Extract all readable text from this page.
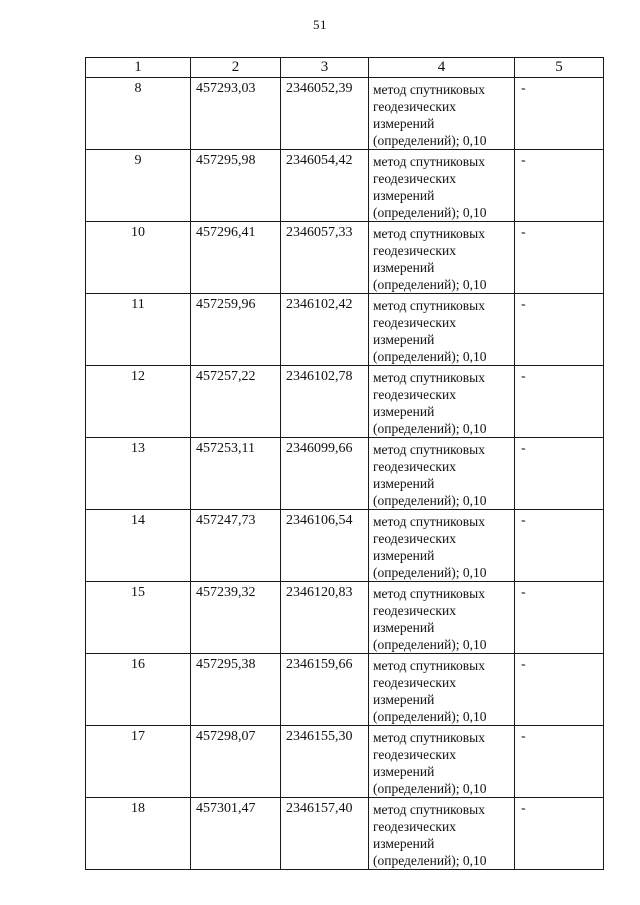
51
1	2	3	4	5
8	457293,03	2346052,39	метод спутниковых
геодезических
измерений
(определений); 0,10	-
9	457295,98	2346054,42	метод спутниковых
геодезических
измерений
(определений); 0,10	-
10	457296,41	2346057,33	метод спутниковых
геодезических
измерений
(определений); 0,10	-
11	457259,96	2346102,42	метод спутниковых
геодезических
измерений
(определений); 0,10	-
12	457257,22	2346102,78	метод спутниковых
геодезических
измерений
(определений); 0,10	-
13	457253,11	2346099,66	метод спутниковых
геодезических
измерений
(определений); 0,10	-
14	457247,73	2346106,54	метод спутниковых
геодезических
измерений
(определений); 0,10	-
15	457239,32	2346120,83	метод спутниковых
геодезических
измерений
(определений); 0,10	-
16	457295,38	2346159,66	метод спутниковых
геодезических
измерений
(определений); 0,10	-
17	457298,07	2346155,30	метод спутниковых
геодезических
измерений
(определений); 0,10	-
18	457301,47	2346157,40	метод спутниковых
геодезических
измерений
(определений); 0,10	-
